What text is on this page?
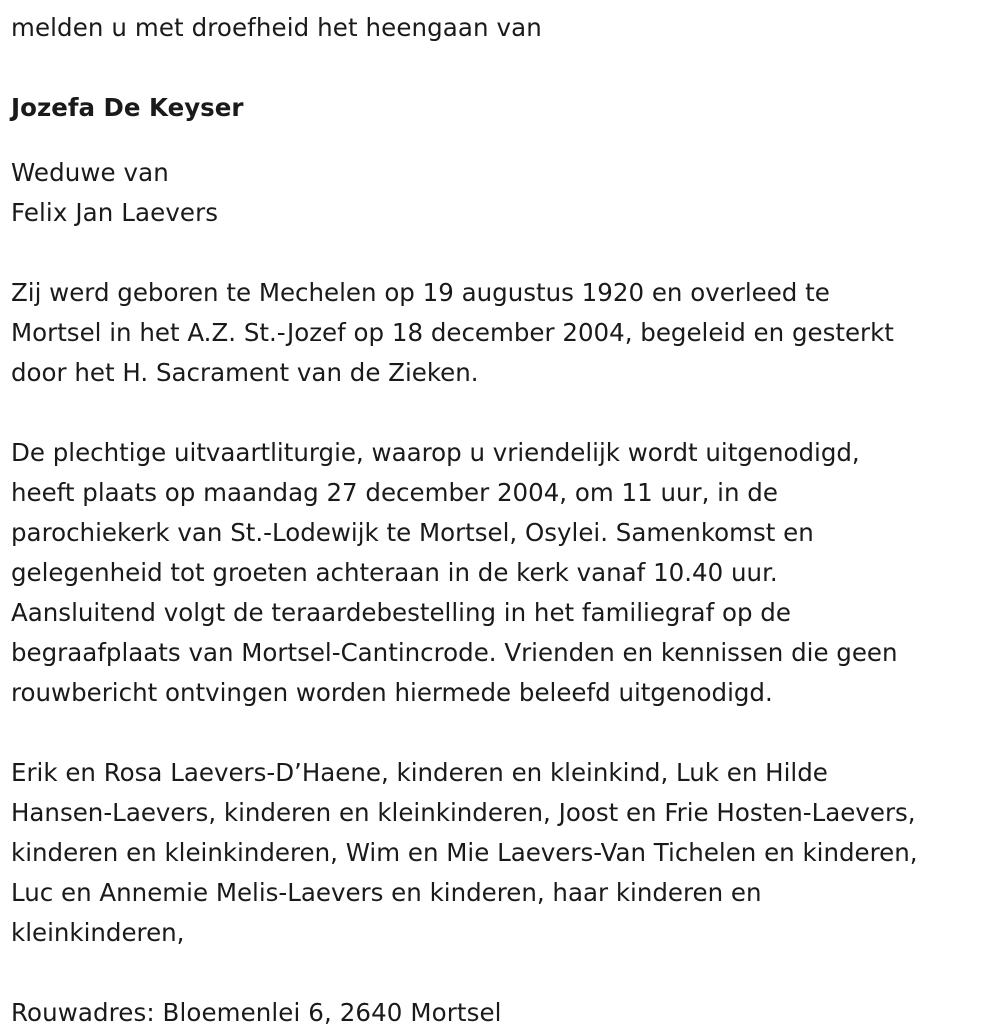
melden u met droefheid het heengaan van

Jozefa De Keyser

Weduwe van

Felix Jan Laevers

Zij werd geboren te Mechelen op 19 augustus 1920 en overleed te

Mortsel in het A.Z. St.-Jozef op 18 december 2004, begeleid en gesterkt

door het H. Sacrament van de Zieken.

De plechtige uitvaartliturgie, waarop u vriendelijk wordt uitgenodigd,

heeft plaats op maandag 27 december 2004, om 11 uur, in de

parochiekerk van St.-Lodewijk te Mortsel, Osylei. Samenkomst en

gelegenheid tot groeten achteraan in de kerk vanaf 10.40 uur.

Aansluitend volgt de teraardebestelling in het familiegraf op de

begraafplaats van Mortsel-Cantincrode. Vrienden en kennissen die geen

rouwbericht ontvingen worden hiermede beleefd uitgenodigd.

Erik en Rosa Laevers-D’Haene, kinderen en kleinkind, Luk en Hilde

Hansen-Laevers, kinderen en kleinkinderen, Joost en Frie Hosten-Laevers,

kinderen en kleinkinderen, Wim en Mie Laevers-Van Tichelen en kinderen,

Luc en Annemie Melis-Laevers en kinderen, haar kinderen en

kleinkinderen,

Rouwadres: Bloemenlei 6, 2640 Mortsel
